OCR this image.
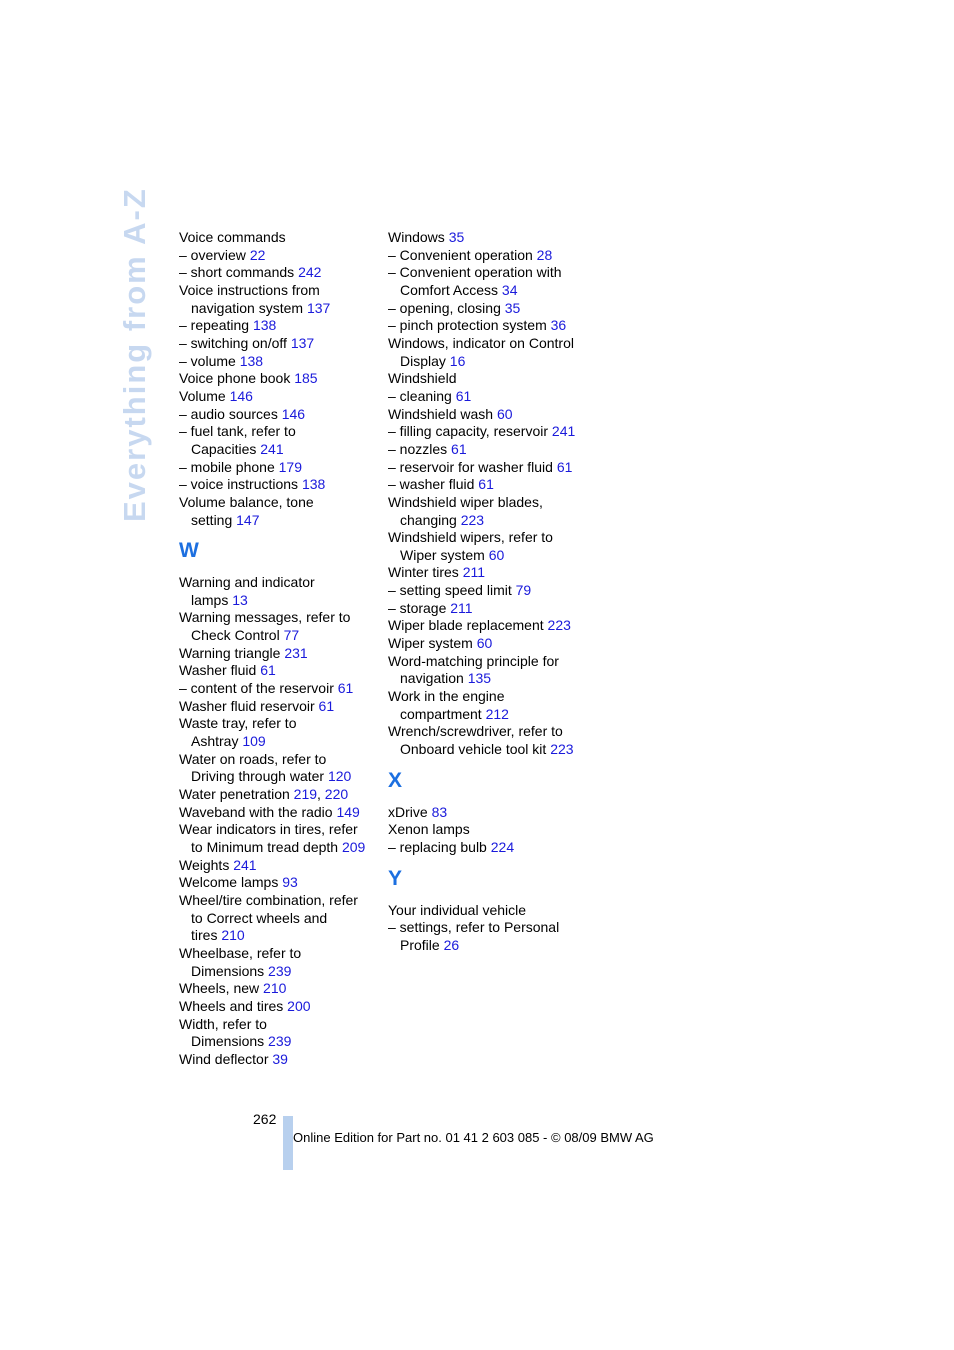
Everything from A-Z Voice commands
– overview 22
– short commands 242
Voice instructions from
navigation system 137
– repeating 138
– switching on/off 137
– volume 138
Voice phone book 185
Volume 146
– audio sources 146
– fuel tank, refer to
Capacities 241
– mobile phone 179
– voice instructions 138
Volume balance, tone
setting 147
W
Warning and indicator
lamps 13
Warning messages, refer to
Check Control 77
Warning triangle 231
Washer fluid 61
– content of the reservoir 61
Washer fluid reservoir 61
Waste tray, refer to
Ashtray 109
Water on roads, refer to
Driving through water 120
Water penetration 219, 220
Waveband with the radio 149
Wear indicators in tires, refer
to Minimum tread depth 209
Weights 241
Welcome lamps 93
Wheel/tire combination, refer
to Correct wheels and
tires 210
Wheelbase, refer to
Dimensions 239
Wheels, new 210
Wheels and tires 200
Width, refer to
Dimensions 239
Wind deflector 39
Windows 35
– Convenient operation 28
– Convenient operation with
Comfort Access 34
– opening, closing 35
– pinch protection system 36
Windows, indicator on Control
Display 16
Windshield
– cleaning 61
Windshield wash 60
– filling capacity, reservoir 241
– nozzles 61
– reservoir for washer fluid 61
– washer fluid 61
Windshield wiper blades,
changing 223
Windshield wipers, refer to
Wiper system 60
Winter tires 211
– setting speed limit 79
– storage 211
Wiper blade replacement 223
Wiper system 60
Word-matching principle for
navigation 135
Work in the engine
compartment 212
Wrench/screwdriver, refer to
Onboard vehicle tool kit 223
X
xDrive 83
Xenon lamps
– replacing bulb 224
Y
Your individual vehicle
– settings, refer to Personal
Profile 26
262
Online Edition for Part no. 01 41 2 603 085 - © 08/09 BMW AG
